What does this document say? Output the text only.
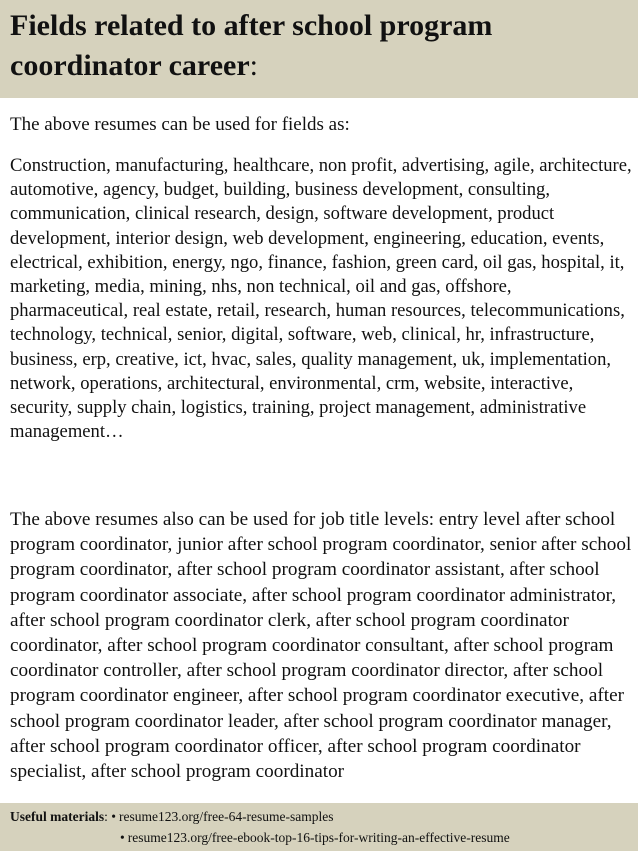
Fields related to after school program coordinator career:

The above resumes can be used for fields as:

Construction, manufacturing, healthcare, non profit, advertising, agile, architecture, automotive, agency, budget, building, business development, consulting, communication, clinical research, design, software development, product development, interior design, web development, engineering, education, events, electrical, exhibition, energy, ngo, finance, fashion, green card, oil gas, hospital, it, marketing, media, mining, nhs, non technical, oil and gas, offshore, pharmaceutical, real estate, retail, research, human resources, telecommunications, technology, technical, senior, digital, software, web, clinical, hr, infrastructure, business, erp, creative, ict, hvac, sales, quality management, uk, implementation, network, operations, architectural, environmental, crm, website, interactive, security, supply chain, logistics, training, project management, administrative management…

The above resumes also can be used for job title levels: entry level after school program coordinator, junior after school program coordinator, senior after school program coordinator, after school program coordinator assistant, after school program coordinator associate, after school program coordinator administrator, after school program coordinator clerk, after school program coordinator coordinator, after school program coordinator consultant, after school program coordinator controller, after school program coordinator director, after school program coordinator engineer, after school program coordinator executive, after school program coordinator leader, after school program coordinator manager, after school program coordinator officer, after school program coordinator specialist, after school program coordinator

Useful materials: • resume123.org/free-64-resume-samples
• resume123.org/free-ebook-top-16-tips-for-writing-an-effective-resume
